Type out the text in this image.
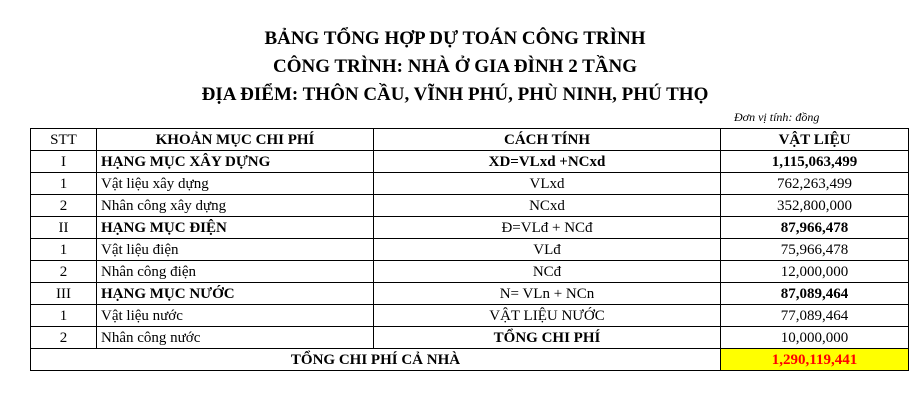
BẢNG TỔNG HỢP DỰ TOÁN CÔNG TRÌNH
CÔNG TRÌNH: NHÀ Ở GIA ĐÌNH 2 TẦNG
ĐỊA ĐIỂM: THÔN CẦU, VĨNH PHÚ, PHÙ NINH, PHÚ THỌ
Đơn vị tính: đồng
STT	KHOẢN MỤC CHI PHÍ	CÁCH TÍNH	VẬT LIỆU
I	HẠNG MỤC XÂY DỰNG	XD=VLxd +NCxd	1,115,063,499
1	Vật liệu xây dựng	VLxd	762,263,499
2	Nhân công xây dựng	NCxd	352,800,000
II	HẠNG MỤC ĐIỆN	Đ=VLđ + NCđ	87,966,478
1	Vật liệu điện	VLđ	75,966,478
2	Nhân công điện	NCđ	12,000,000
III	HẠNG MỤC NƯỚC	N= VLn + NCn	87,089,464
1	Vật liệu nước	VẬT LIỆU NƯỚC	77,089,464
2	Nhân công nước	TỔNG CHI PHÍ	10,000,000
TỔNG CHI PHÍ CẢ NHÀ			1,290,119,441
